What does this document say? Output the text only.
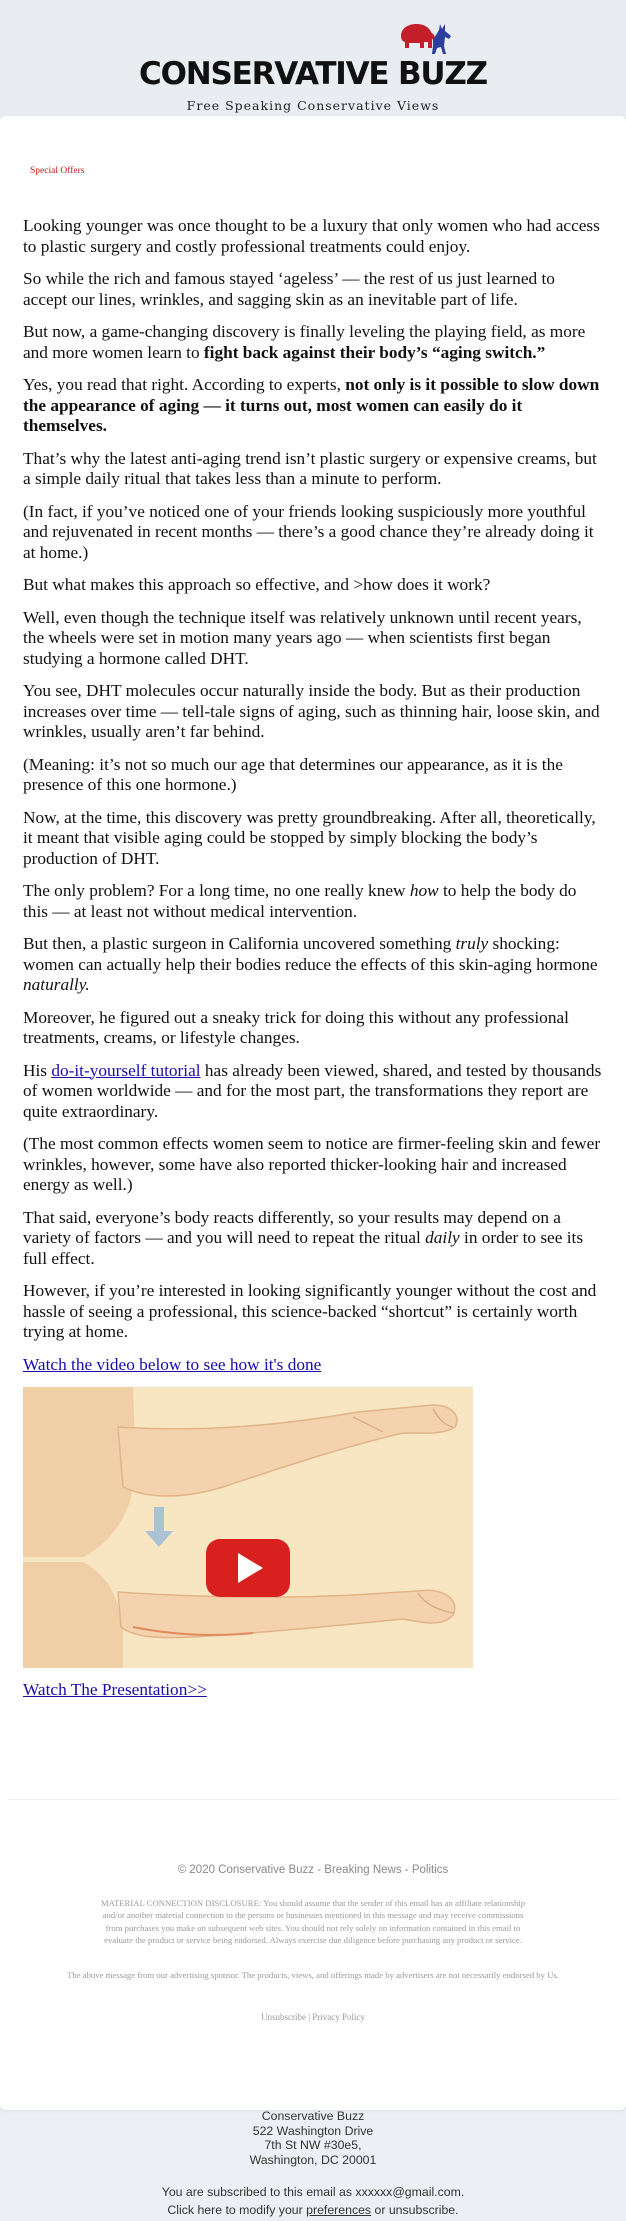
CONSERVATIVE BUZZ
Free Speaking Conservative Views
Special Offers

Looking younger was once thought to be a luxury that only women who had access to plastic surgery and costly professional treatments could enjoy.

So while the rich and famous stayed ‘ageless’ — the rest of us just learned to accept our lines, wrinkles, and sagging skin as an inevitable part of life.

But now, a game-changing discovery is finally leveling the playing field, as more and more women learn to fight back against their body’s “aging switch.”

Yes, you read that right. According to experts, not only is it possible to slow down the appearance of aging — it turns out, most women can easily do it themselves.

That’s why the latest anti-aging trend isn’t plastic surgery or expensive creams, but a simple daily ritual that takes less than a minute to perform.

(In fact, if you’ve noticed one of your friends looking suspiciously more youthful and rejuvenated in recent months — there’s a good chance they’re already doing it at home.)

But what makes this approach so effective, and >how does it work?

Well, even though the technique itself was relatively unknown until recent years, the wheels were set in motion many years ago — when scientists first began studying a hormone called DHT.

You see, DHT molecules occur naturally inside the body. But as their production increases over time — tell-tale signs of aging, such as thinning hair, loose skin, and wrinkles, usually aren’t far behind.

(Meaning: it’s not so much our age that determines our appearance, as it is the presence of this one hormone.)

Now, at the time, this discovery was pretty groundbreaking. After all, theoretically, it meant that visible aging could be stopped by simply blocking the body’s production of DHT.

The only problem? For a long time, no one really knew how to help the body do this — at least not without medical intervention.

But then, a plastic surgeon in California uncovered something truly shocking: women can actually help their bodies reduce the effects of this skin-aging hormone naturally.

Moreover, he figured out a sneaky trick for doing this without any professional treatments, creams, or lifestyle changes.

His do-it-yourself tutorial has already been viewed, shared, and tested by thousands of women worldwide — and for the most part, the transformations they report are quite extraordinary.

(The most common effects women seem to notice are firmer-feeling skin and fewer wrinkles, however, some have also reported thicker-looking hair and increased energy as well.)

That said, everyone’s body reacts differently, so your results may depend on a variety of factors — and you will need to repeat the ritual daily in order to see its full effect.

However, if you’re interested in looking significantly younger without the cost and hassle of seeing a professional, this science-backed “shortcut” is certainly worth trying at home.

Watch the video below to see how it's done

Watch The Presentation>>

© 2020 Conservative Buzz - Breaking News - Politics
MATERIAL CONNECTION DISCLOSURE: You should assume that the sender of this email has an affiliate relationship and/or another material connection to the persons or businesses mentioned in this message and may receive commissions from purchases you make on subsequent web sites. You should not rely solely on information contained in this email to evaluate the product or service being endorsed. Always exercise due diligence before purchasing any product or service.
The above message from our advertising sponsor. The products, views, and offerings made by advertisers are not necessarily endorsed by Us.
Unsubscribe | Privacy Policy
Conservative Buzz
522 Washington Drive
7th St NW #30e5,
Washington, DC 20001
You are subscribed to this email as xxxxxx@gmail.com.
Click here to modify your preferences or unsubscribe.
